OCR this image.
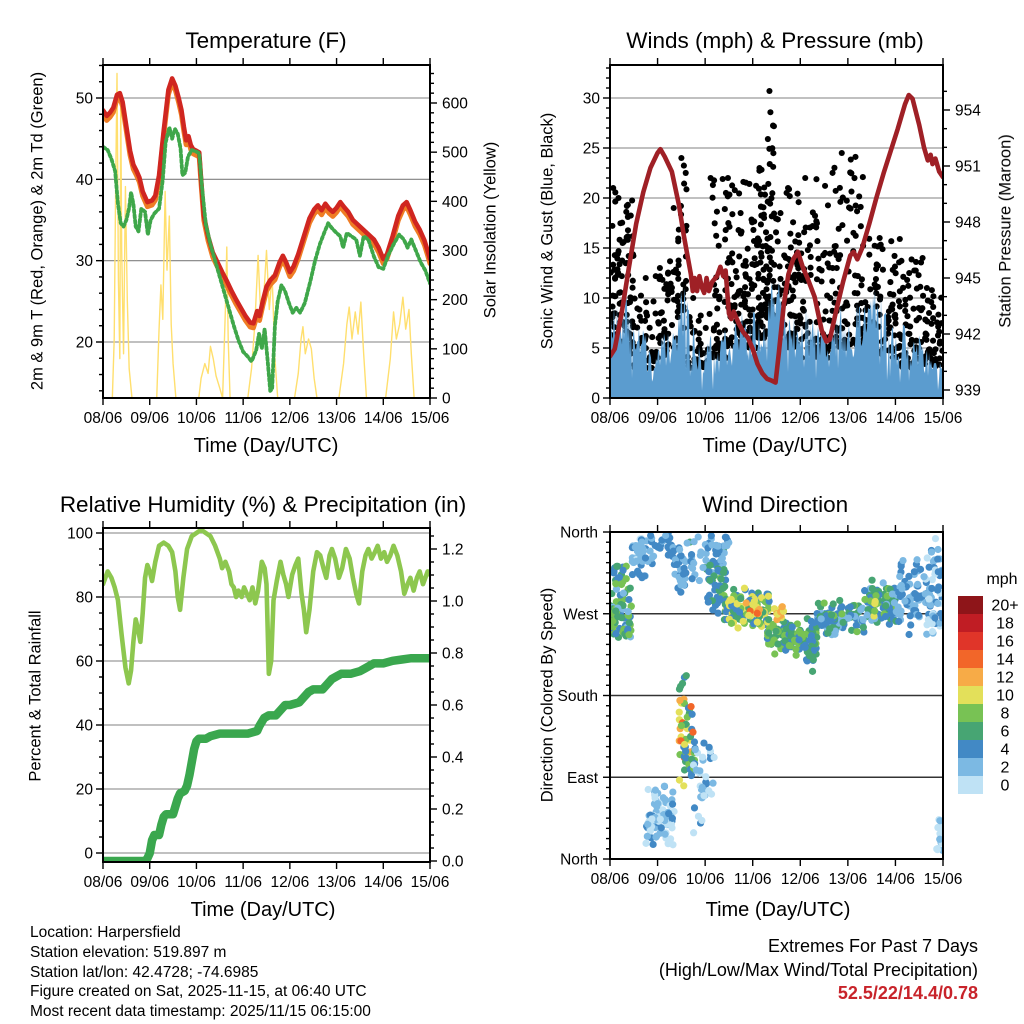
Temperature (F)	Winds (mph) & Pressure (mb)
Relative Humidity (%) & Precipitation (in)	Wind Direction
2m & 9m T (Red, Orange) & 2m Td (Green)	Solar Insolation (Yellow) Sonic Wind & Gust (Blue, Black)	Station Pressure (Maroon)
Percent & Total Rainfall	Direction (Colored By Speed)
Time (Day/UTC)	Time (Day/UTC)
Time (Day/UTC)	Time (Day/UTC)
Location: Harpersfield
Station elevation: 519.897 m
Station lat/lon: 42.4728; -74.6985
Figure created on Sat, 2025-11-15, at 06:40 UTC
Most recent data timestamp: 2025/11/15 06:15:00
Extremes For Past 7 Days
(High/Low/Max Wind/Total Precipitation)
52.5/22/14.4/0.78
